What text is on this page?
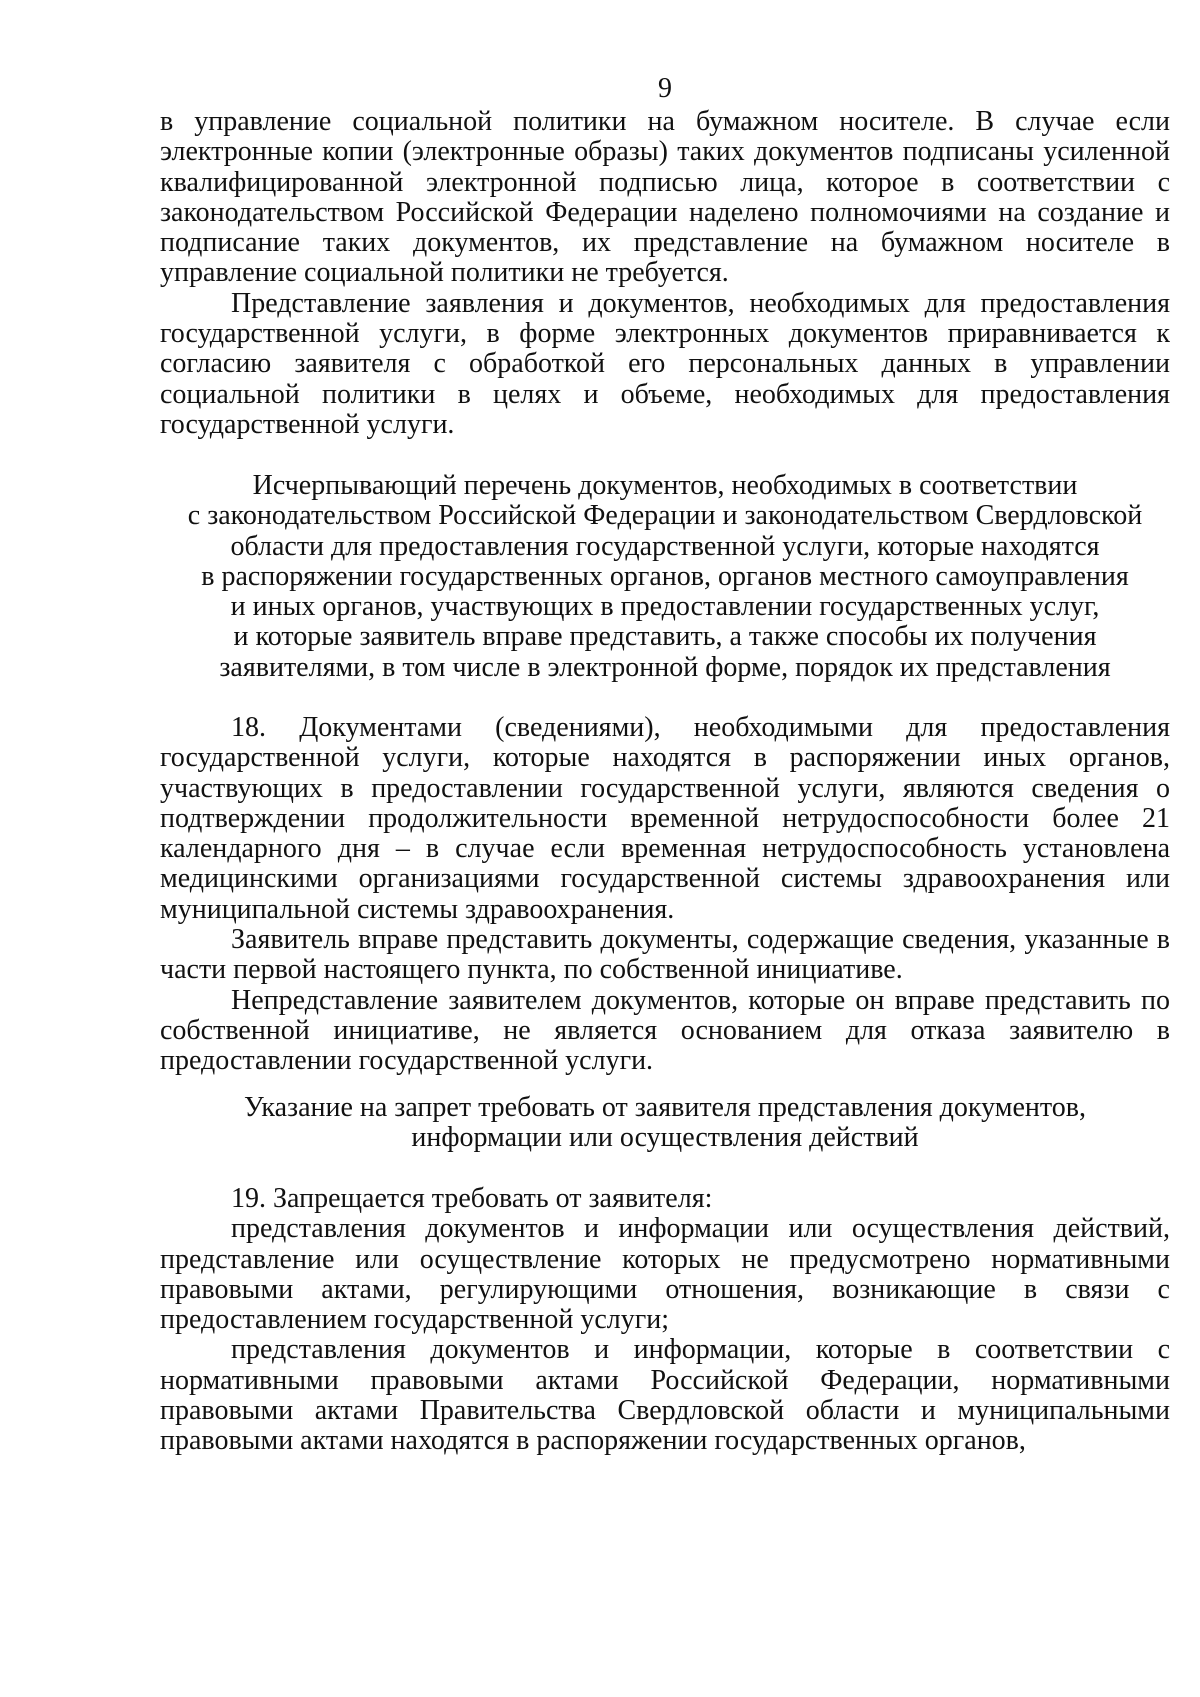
9

в управление социальной политики на бумажном носителе. В случае если электронные копии (электронные образы) таких документов подписаны усиленной квалифицированной электронной подписью лица, которое в соответствии с законодательством Российской Федерации наделено полномочиями на создание и подписание таких документов, их представление на бумажном носителе в управление социальной политики не требуется.

Представление заявления и документов, необходимых для предоставления государственной услуги, в форме электронных документов приравнивается к согласию заявителя с обработкой его персональных данных в управлении социальной политики в целях и объеме, необходимых для предоставления государственной услуги.

Исчерпывающий перечень документов, необходимых в соответствии
с законодательством Российской Федерации и законодательством Свердловской
области для предоставления государственной услуги, которые находятся
в распоряжении государственных органов, органов местного самоуправления
и иных органов, участвующих в предоставлении государственных услуг,
и которые заявитель вправе представить, а также способы их получения
заявителями, в том числе в электронной форме, порядок их представления

18. Документами (сведениями), необходимыми для предоставления государственной услуги, которые находятся в распоряжении иных органов, участвующих в предоставлении государственной услуги, являются сведения о подтверждении продолжительности временной нетрудоспособности более 21 календарного дня – в случае если временная нетрудоспособность установлена медицинскими организациями государственной системы здравоохранения или муниципальной системы здравоохранения.

Заявитель вправе представить документы, содержащие сведения, указанные в части первой настоящего пункта, по собственной инициативе.

Непредставление заявителем документов, которые он вправе представить по собственной инициативе, не является основанием для отказа заявителю в предоставлении государственной услуги.

Указание на запрет требовать от заявителя представления документов,
информации или осуществления действий

19. Запрещается требовать от заявителя:

представления документов и информации или осуществления действий, представление или осуществление которых не предусмотрено нормативными правовыми актами, регулирующими отношения, возникающие в связи с предоставлением государственной услуги;

представления документов и информации, которые в соответствии с нормативными правовыми актами Российской Федерации, нормативными правовыми актами Правительства Свердловской области и муниципальными правовыми актами находятся в распоряжении государственных органов,
